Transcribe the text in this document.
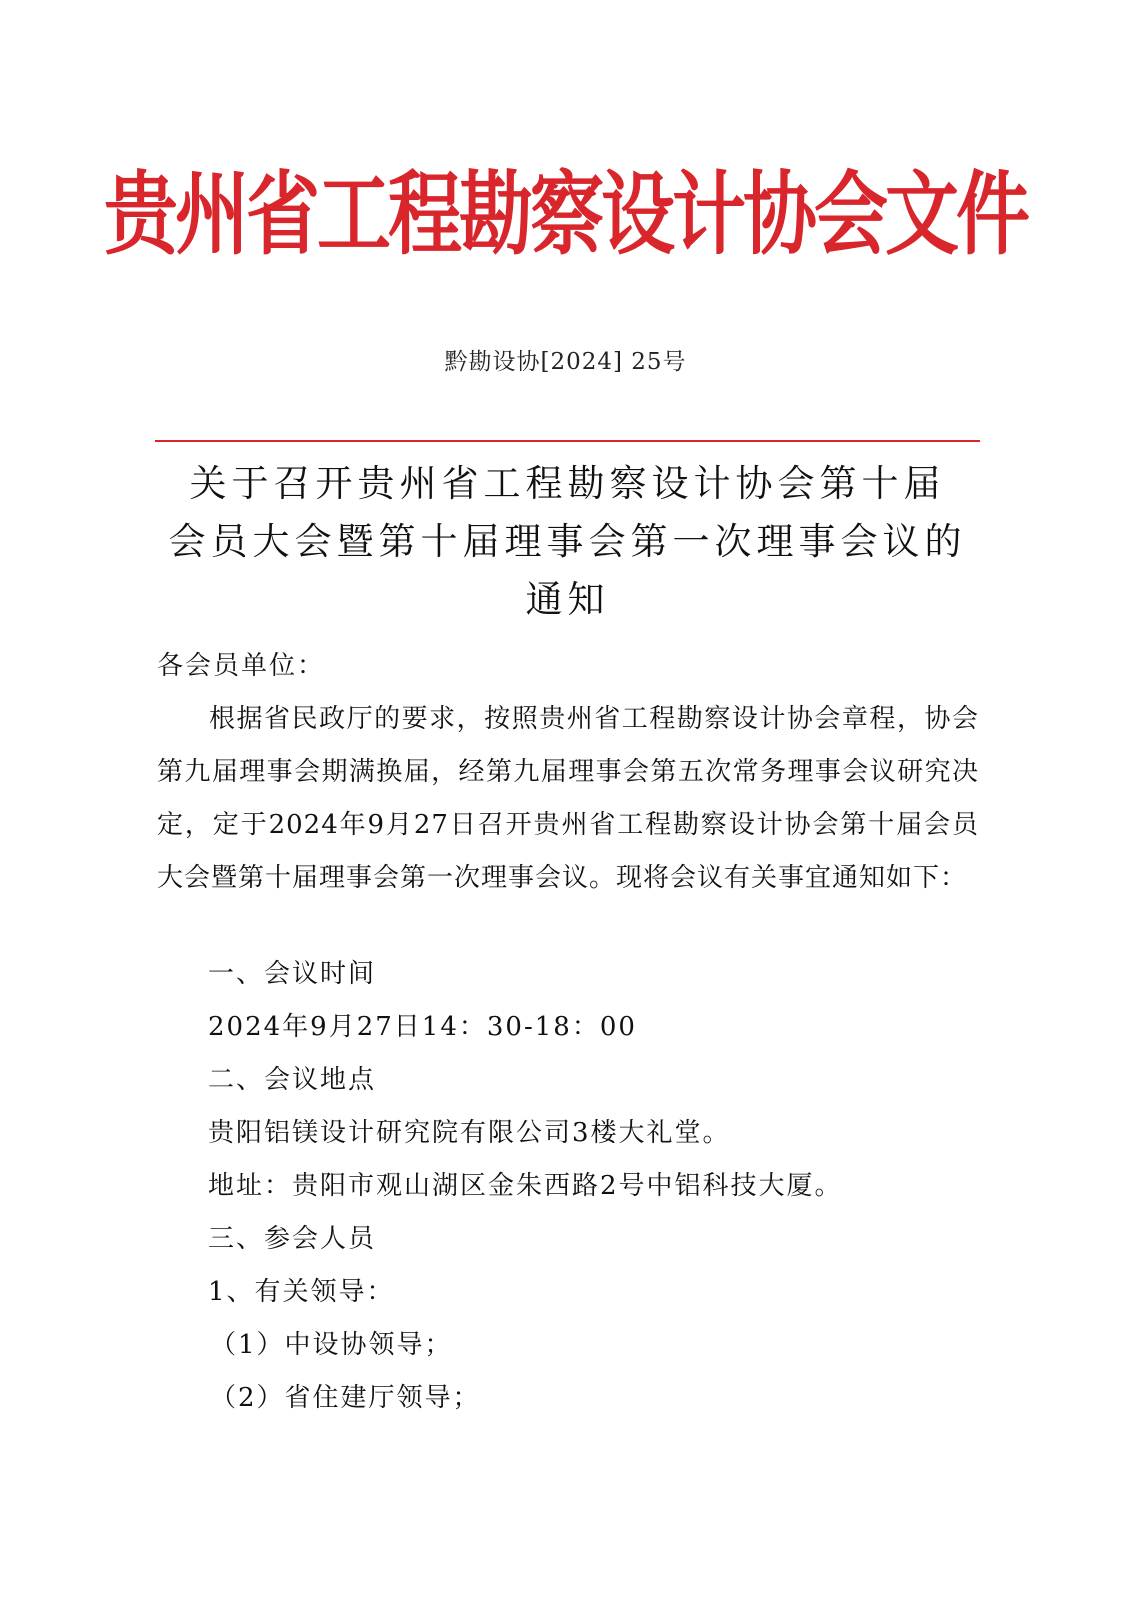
贵州省工程勘察设计协会文件
黔勘设协[2024] 25号
关于召开贵州省工程勘察设计协会第十届
会员大会暨第十届理事会第一次理事会议的
通知
各会员单位：
根据省民政厅的要求，按照贵州省工程勘察设计协会章程，协会第九届理事会期满换届，经第九届理事会第五次常务理事会议研究决定，定于2024年9月27日召开贵州省工程勘察设计协会第十届会员大会暨第十届理事会第一次理事会议。现将会议有关事宜通知如下：
一、会议时间
2024年9月27日14：30-18：00
二、会议地点
贵阳铝镁设计研究院有限公司3楼大礼堂。
地址：贵阳市观山湖区金朱西路2号中铝科技大厦。
三、参会人员
1、有关领导：
（1）中设协领导；
（2）省住建厅领导；
